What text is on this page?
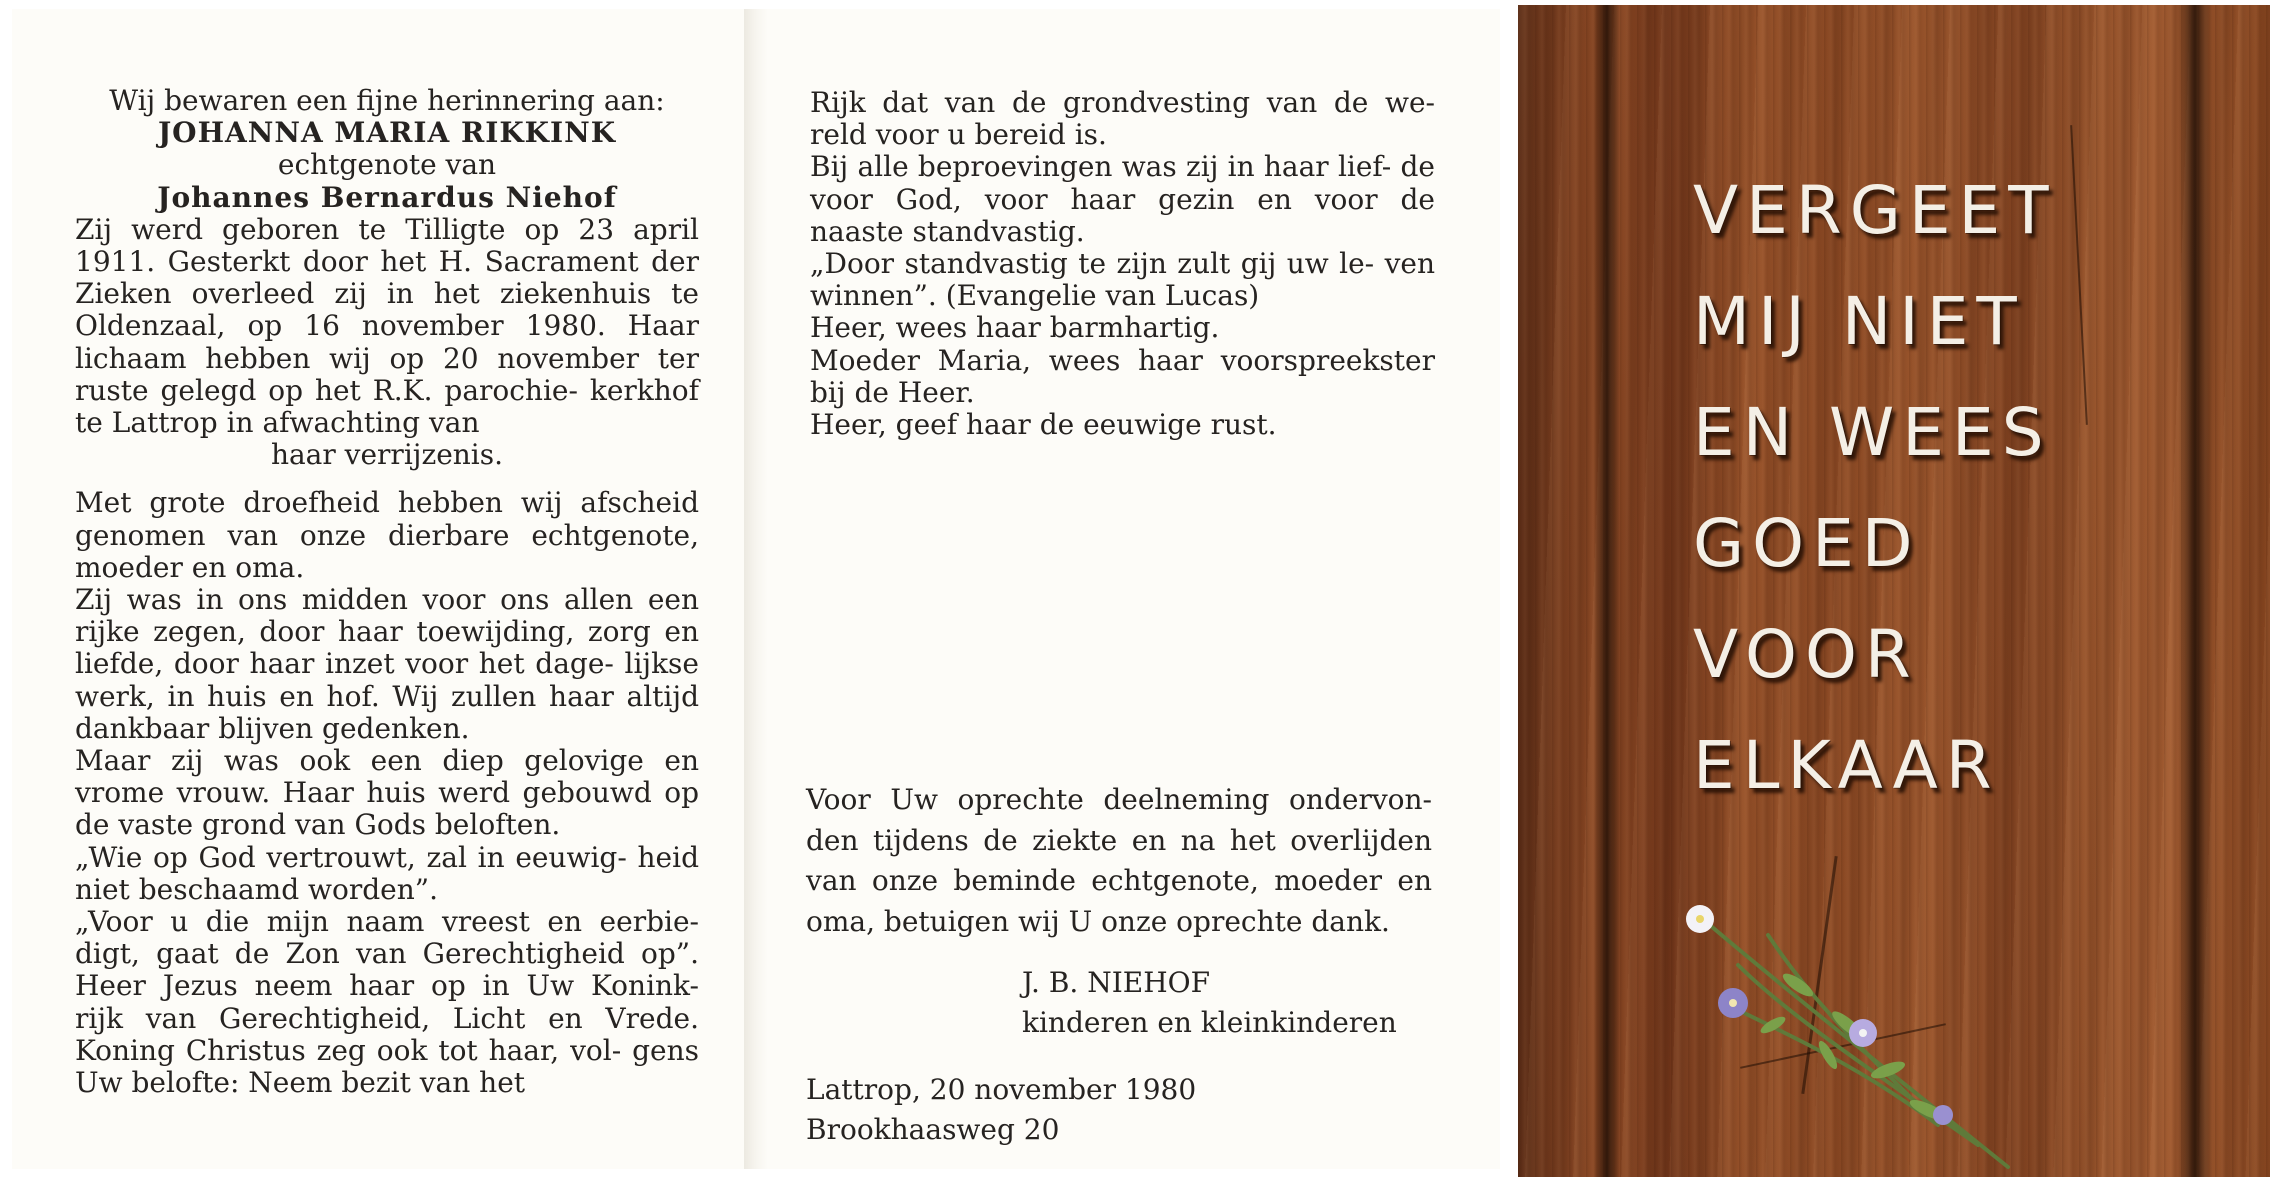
Wij bewaren een fijne herinnering aan:
JOHANNA MARIA RIKKINK
echtgenote van
Johannes Bernardus Niehof

Zij werd geboren te Tilligte op 23 april 1911. Gesterkt door het H. Sacrament der Zieken overleed zij in het ziekenhuis te Oldenzaal, op 16 november 1980. Haar lichaam hebben wij op 20 november ter ruste gelegd op het R.K. parochie- kerkhof te Lattrop in afwachting van

haar verrijzenis.

Met grote droefheid hebben wij afscheid genomen van onze dierbare echtgenote, moeder en oma.

Zij was in ons midden voor ons allen een rijke zegen, door haar toewijding, zorg en liefde, door haar inzet voor het dage- lijkse werk, in huis en hof. Wij zullen haar altijd dankbaar blijven gedenken.

Maar zij was ook een diep gelovige en vrome vrouw. Haar huis werd gebouwd op de vaste grond van Gods beloften.

„Wie op God vertrouwt, zal in eeuwig- heid niet beschaamd worden”.

„Voor u die mijn naam vreest en eerbie- digt, gaat de Zon van Gerechtigheid op”. Heer Jezus neem haar op in Uw Konink- rijk van Gerechtigheid, Licht en Vrede. Koning Christus zeg ook tot haar, vol- gens Uw belofte: Neem bezit van het

Rijk dat van de grondvesting van de we- reld voor u bereid is.

Bij alle beproevingen was zij in haar lief- de voor God, voor haar gezin en voor de naaste standvastig.

„Door standvastig te zijn zult gij uw le- ven winnen”. (Evangelie van Lucas)

Heer, wees haar barmhartig.

Moeder Maria, wees haar voorspreekster bij de Heer.

Heer, geef haar de eeuwige rust.

Voor Uw oprechte deelneming ondervon- den tijdens de ziekte en na het overlijden van onze beminde echtgenote, moeder en oma, betuigen wij U onze oprechte dank.

J. B. NIEHOF
kinderen en kleinkinderen
Lattrop, 20 november 1980
Brookhaasweg 20
VERGEET
MIJ NIET
EN WEES
GOED
VOOR
ELKAAR
